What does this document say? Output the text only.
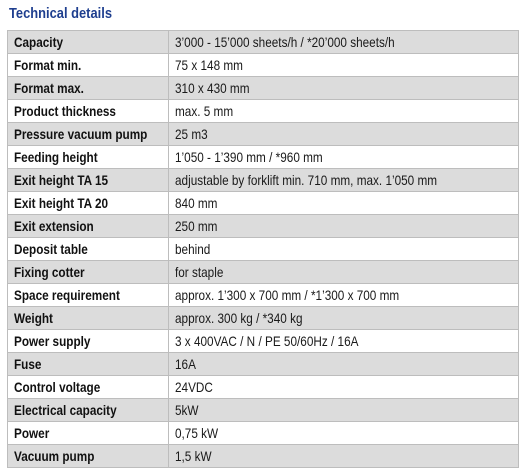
Technical details
Capacity	3’000 - 15’000 sheets/h / *20’000 sheets/h
Format min.	75 x 148 mm
Format max.	310 x 430 mm
Product thickness	max. 5 mm
Pressure vacuum pump	25 m3
Feeding height	1’050 - 1’390 mm / *960 mm
Exit height TA 15	adjustable by forklift min. 710 mm, max. 1’050 mm
Exit height TA 20	840 mm
Exit extension	250 mm
Deposit table	behind
Fixing cotter	for staple
Space requirement	approx. 1’300 x 700 mm / *1’300 x 700 mm
Weight	approx. 300 kg / *340 kg
Power supply	3 x 400VAC / N / PE 50/60Hz / 16A
Fuse	16A
Control voltage	24VDC
Electrical capacity	5kW
Power	0,75 kW
Vacuum pump	1,5 kW
